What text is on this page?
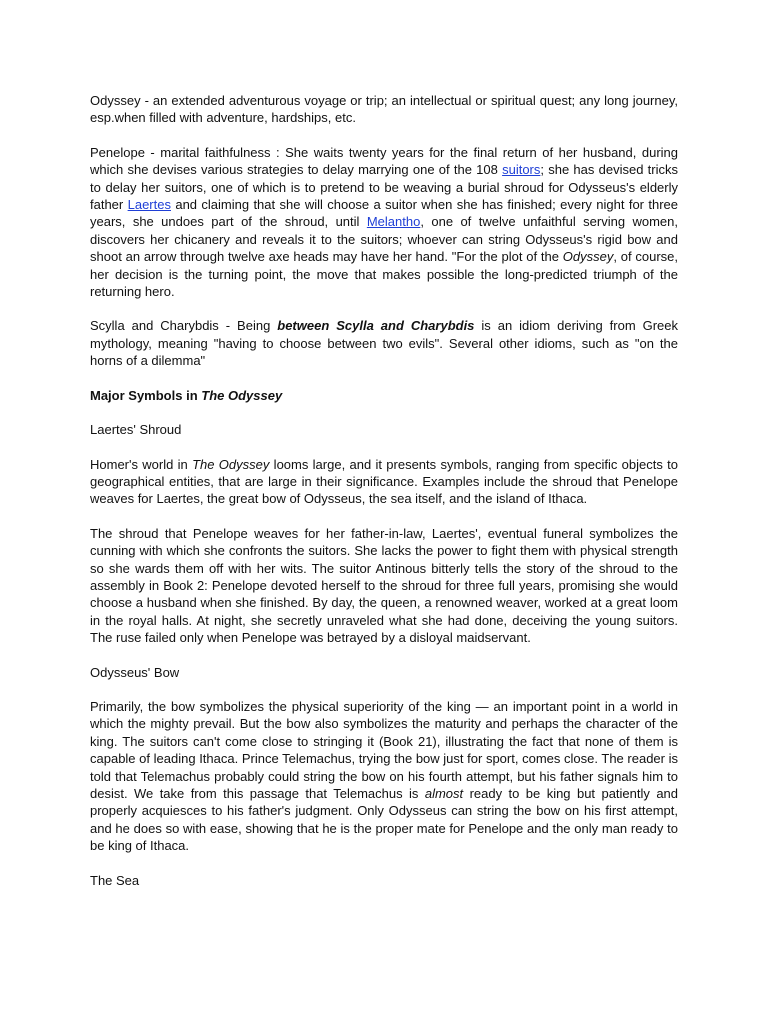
Odyssey - an extended adventurous voyage or trip; an intellectual or spiritual quest; any long journey, esp.when filled with adventure, hardships, etc.

Penelope - marital faithfulness : She waits twenty years for the final return of her husband, during which she devises various strategies to delay marrying one of the 108 suitors; she has devised tricks to delay her suitors, one of which is to pretend to be weaving a burial shroud for Odysseus's elderly father Laertes and claiming that she will choose a suitor when she has finished; every night for three years, she undoes part of the shroud, until Melantho, one of twelve unfaithful serving women, discovers her chicanery and reveals it to the suitors; whoever can string Odysseus's rigid bow and shoot an arrow through twelve axe heads may have her hand. "For the plot of the Odyssey, of course, her decision is the turning point, the move that makes possible the long-predicted triumph of the returning hero.

Scylla and Charybdis - Being between Scylla and Charybdis is an idiom deriving from Greek mythology, meaning "having to choose between two evils". Several other idioms, such as "on the horns of a dilemma"

Major Symbols in The Odyssey

Laertes' Shroud

Homer's world in The Odyssey looms large, and it presents symbols, ranging from specific objects to geographical entities, that are large in their significance. Examples include the shroud that Penelope weaves for Laertes, the great bow of Odysseus, the sea itself, and the island of Ithaca.

The shroud that Penelope weaves for her father-in-law, Laertes', eventual funeral symbolizes the cunning with which she confronts the suitors. She lacks the power to fight them with physical strength so she wards them off with her wits. The suitor Antinous bitterly tells the story of the shroud to the assembly in Book 2: Penelope devoted herself to the shroud for three full years, promising she would choose a husband when she finished. By day, the queen, a renowned weaver, worked at a great loom in the royal halls. At night, she secretly unraveled what she had done, deceiving the young suitors. The ruse failed only when Penelope was betrayed by a disloyal maidservant.

Odysseus' Bow

Primarily, the bow symbolizes the physical superiority of the king — an important point in a world in which the mighty prevail. But the bow also symbolizes the maturity and perhaps the character of the king. The suitors can't come close to stringing it (Book 21), illustrating the fact that none of them is capable of leading Ithaca. Prince Telemachus, trying the bow just for sport, comes close. The reader is told that Telemachus probably could string the bow on his fourth attempt, but his father signals him to desist. We take from this passage that Telemachus is almost ready to be king but patiently and properly acquiesces to his father's judgment. Only Odysseus can string the bow on his first attempt, and he does so with ease, showing that he is the proper mate for Penelope and the only man ready to be king of Ithaca.

The Sea
